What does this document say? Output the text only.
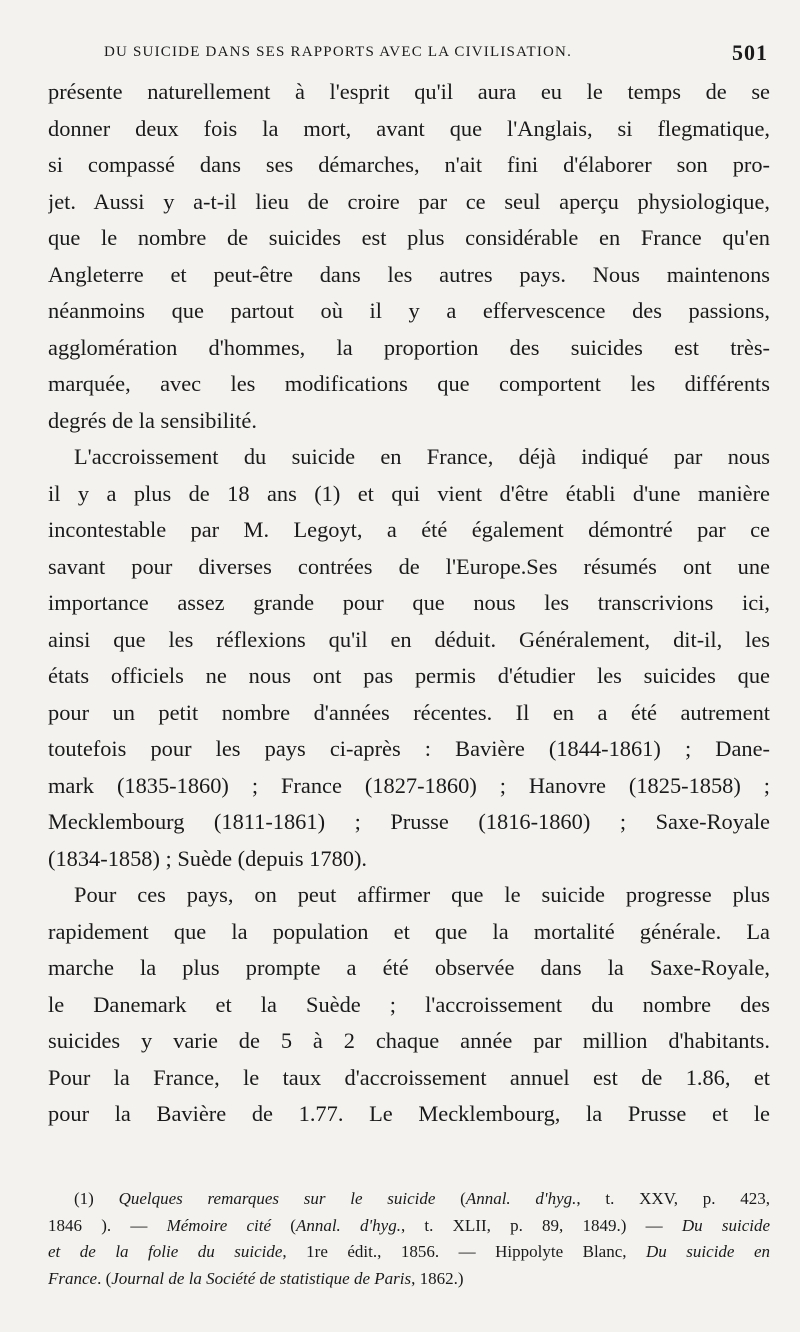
DU SUICIDE DANS SES RAPPORTS AVEC LA CIVILISATION.	501

présente naturellement à l'esprit qu'il aura eu le temps de se
donner deux fois la mort, avant que l'Anglais, si flegmatique,
si compassé dans ses démarches, n'ait fini d'élaborer son pro-
jet. Aussi y a-t-il lieu de croire par ce seul aperçu physiologique,
que le nombre de suicides est plus considérable en France qu'en
Angleterre et peut-être dans les autres pays. Nous maintenons
néanmoins que partout où il y a effervescence des passions,
agglomération d'hommes, la proportion des suicides est très-
marquée, avec les modifications que comportent les différents
degrés de la sensibilité.

L'accroissement du suicide en France, déjà indiqué par nous
il y a plus de 18 ans (1) et qui vient d'être établi d'une manière
incontestable par M. Legoyt, a été également démontré par ce
savant pour diverses contrées de l'Europe.Ses résumés ont une
importance assez grande pour que nous les transcrivions ici,
ainsi que les réflexions qu'il en déduit. Généralement, dit-il, les
états officiels ne nous ont pas permis d'étudier les suicides que
pour un petit nombre d'années récentes. Il en a été autrement
toutefois pour les pays ci-après : Bavière (1844-1861) ; Dane-
mark (1835-1860) ; France (1827-1860) ; Hanovre (1825-1858) ;
Mecklembourg (1811-1861) ; Prusse (1816-1860) ; Saxe-Royale
(1834-1858) ; Suède (depuis 1780).

Pour ces pays, on peut affirmer que le suicide progresse plus
rapidement que la population et que la mortalité générale. La
marche la plus prompte a été observée dans la Saxe-Royale,
le Danemark et la Suède ; l'accroissement du nombre des
suicides y varie de 5 à 2 chaque année par million d'habitants.
Pour la France, le taux d'accroissement annuel est de 1.86, et
pour la Bavière de 1.77. Le Mecklembourg, la Prusse et le

(1) Quelques remarques sur le suicide (Annal. d'hyg., t. XXV, p. 423,
1846 ). — Mémoire cité (Annal. d'hyg., t. XLII, p. 89, 1849.) — Du suicide
et de la folie du suicide, 1re édit., 1856. — Hippolyte Blanc, Du suicide en
France. (Journal de la Société de statistique de Paris, 1862.)
